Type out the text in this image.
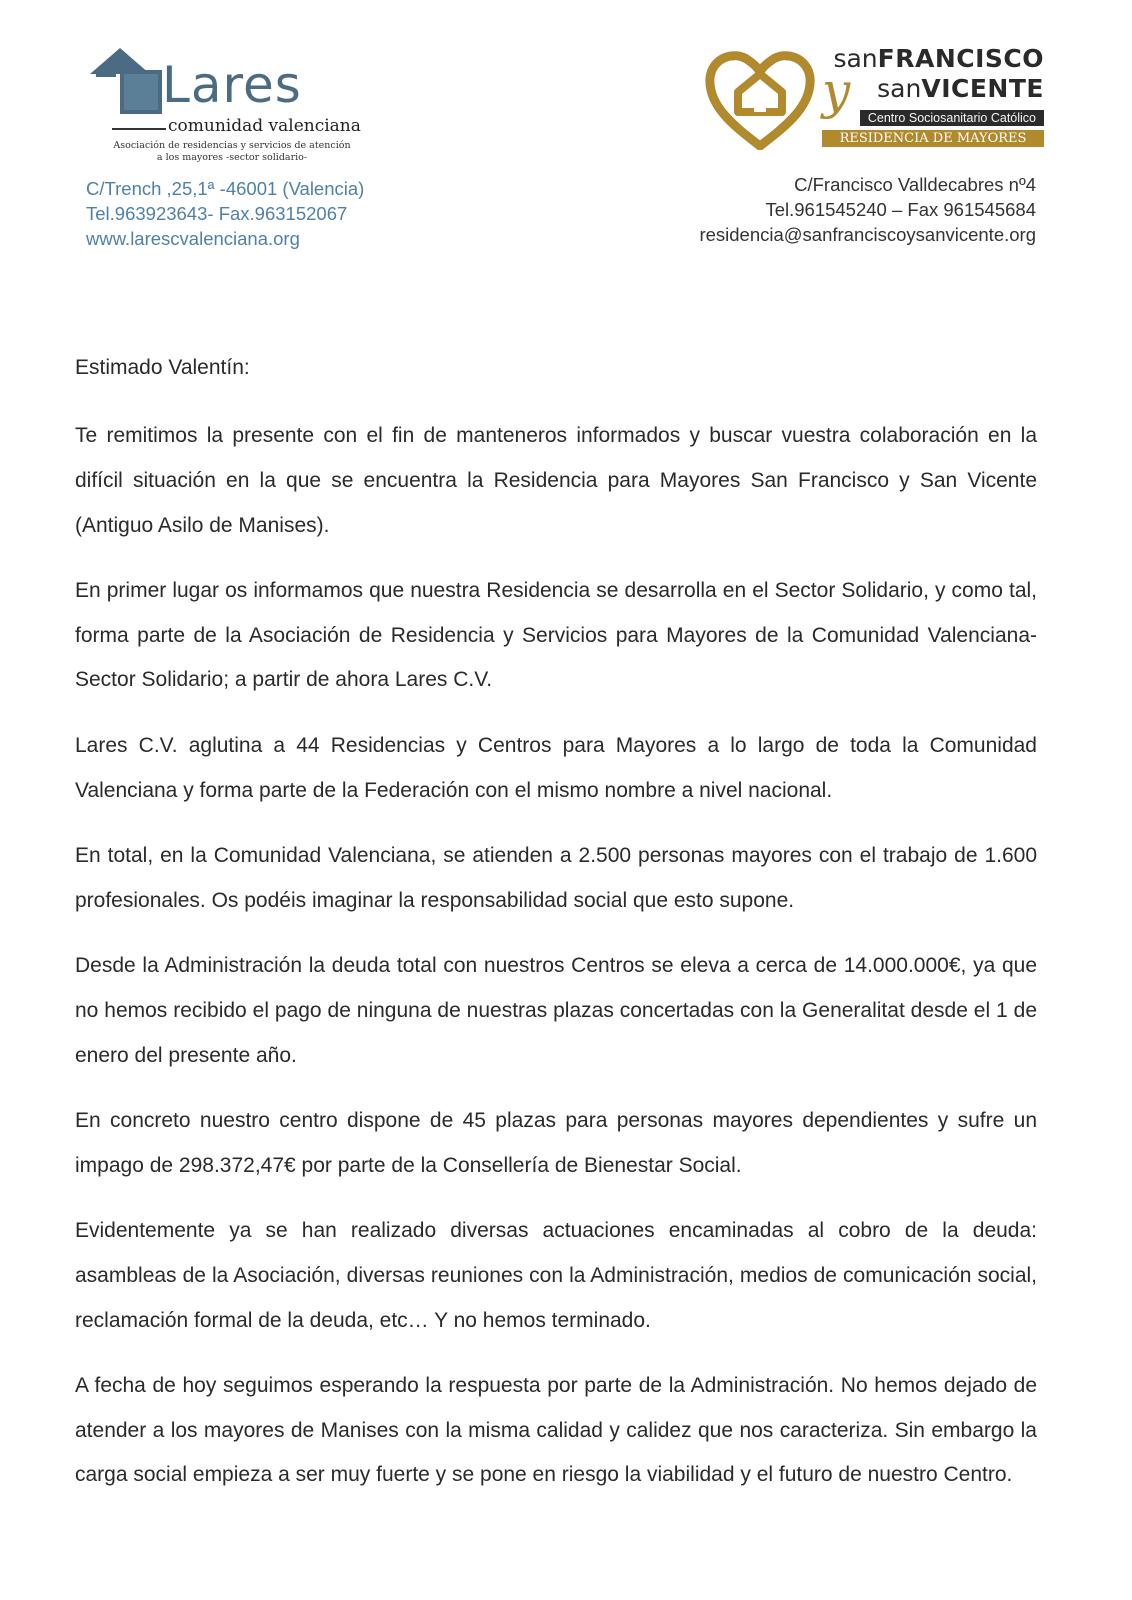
Lares
comunidad valenciana
Asociación de residencias y servicios de atención a los mayores -sector solidario-
C/Trench ,25,1ª -46001 (Valencia)
Tel.963923643- Fax.963152067
www.larescvalenciana.org
sanFRANCISCO
sanVICENTE
y Centro Sociosanitario Católico
RESIDENCIA DE MAYORES
C/Francisco Valldecabres nº4
Tel.961545240 – Fax 961545684
residencia@sanfranciscoysanvicente.org
Estimado Valentín:

Te remitimos la presente con el fin de manteneros informados y buscar vuestra colaboración en la difícil situación en la que se encuentra la Residencia para Mayores San Francisco y San Vicente (Antiguo Asilo de Manises).

En primer lugar os informamos que nuestra Residencia se desarrolla en el Sector Solidario, y como tal, forma parte de la Asociación de Residencia y Servicios para Mayores de la Comunidad Valenciana-Sector Solidario; a partir de ahora Lares C.V.

Lares C.V. aglutina a 44 Residencias y Centros para Mayores a lo largo de toda la Comunidad Valenciana y forma parte de la Federación con el mismo nombre a nivel nacional.

En total, en la Comunidad Valenciana, se atienden a 2.500 personas mayores con el trabajo de 1.600 profesionales. Os podéis imaginar la responsabilidad social que esto supone.

Desde la Administración la deuda total con nuestros Centros se eleva a cerca de 14.000.000€, ya que no hemos recibido el pago de ninguna de nuestras plazas concertadas con la Generalitat desde el 1 de enero del presente año.

En concreto nuestro centro dispone de 45 plazas para personas mayores dependientes y sufre un impago de 298.372,47€ por parte de la Consellería de Bienestar Social.

Evidentemente ya se han realizado diversas actuaciones encaminadas al cobro de la deuda: asambleas de la Asociación, diversas reuniones con la Administración, medios de comunicación social, reclamación formal de la deuda, etc… Y no hemos terminado.

A fecha de hoy seguimos esperando la respuesta por parte de la Administración. No hemos dejado de atender a los mayores de Manises con la misma calidad y calidez que nos caracteriza. Sin embargo la carga social empieza a ser muy fuerte y se pone en riesgo la viabilidad y el futuro de nuestro Centro.
